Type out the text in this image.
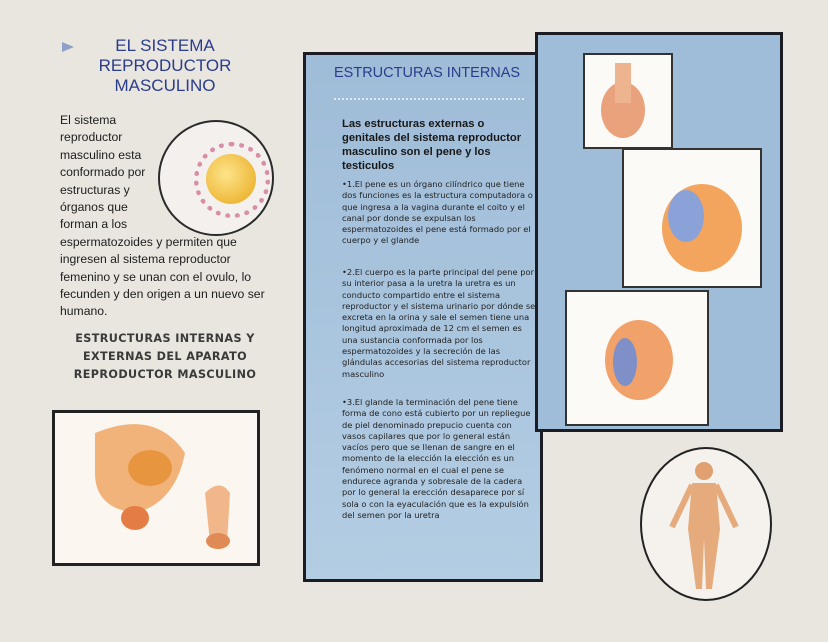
EL SISTEMA REPRODUCTOR MASCULINO
El sistema reproductor masculino esta conformado por estructuras y órganos que forman a los espermatozoides y permiten que ingresen al sistema reproductor femenino y se unan con el ovulo, lo fecunden y den origen a un nuevo ser humano.
ESTRUCTURAS INTERNAS Y EXTERNAS DEL APARATO REPRODUCTOR MASCULINO
ESTRUCTURAS INTERNAS
Las estructuras externas o genitales del sistema reproductor masculino son el pene y los testiculos
•1.El pene es un órgano cilíndrico que tiene dos funciones es la estructura computadora o que ingresa a la vagina durante el coito y el canal por donde se expulsan los espermatozoides el pene está formado por el cuerpo y el glande
•2.El cuerpo es la parte principal del pene por su interior pasa a la uretra la uretra es un conducto compartido entre el sistema reproductor y el sistema urinario por dónde se excreta en la orina y sale el semen tiene una longitud aproximada de 12 cm el semen es una sustancia conformada por los espermatozoides y la secreción de las glándulas accesorias del sistema reproductor masculino
•3.El glande la terminación del pene tiene forma de cono está cubierto por un repliegue de piel denominado prepucio cuenta con vasos capilares que por lo general están vacíos pero que se llenan de sangre en el momento de la elección la elección es un fenómeno normal en el cual el pene se endurece agranda y sobresale de la cadera por lo general la erección desaparece por sí sola o con la eyaculación que es la expulsión del semen por la uretra
